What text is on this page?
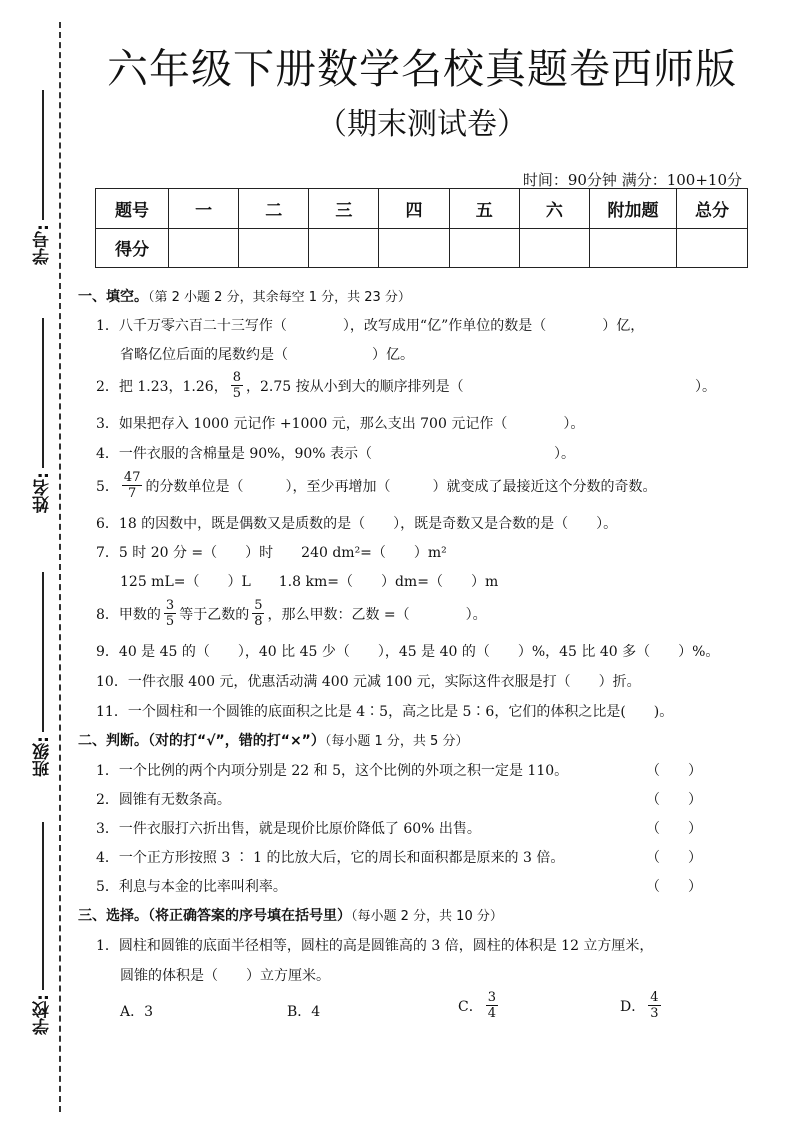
学号:
姓名:
班级:
学校:
六年级下册数学名校真题卷西师版
（期末测试卷）
时间：90分钟 满分：100+10分
题号	一	二	三	四	五	六	附加题	总分
得分								
一、填空。（第 2 小题 2 分，其余每空 1 分，共 23 分）
1．八千万零六百二十三写作（　　　　），改写成用“亿”作单位的数是（　　　　）亿，
省略亿位后面的尾数约是（　　　　　　）亿。
2．把 1.23，1.26， $\frac{8}{5}$ ，2.75 按从小到大的顺序排列是（	）。
3．如果把存入 1000 元记作 +1000 元，那么支出 700 元记作（　　　　）。
4．一件衣服的含棉量是 90%，90% 表示（　　　　　　　　　　　　　）。
5． $\frac{47}{7}$ 的分数单位是（　　　），至少再增加（　　　）就变成了最接近这个分数的奇数。
6．18 的因数中，既是偶数又是质数的是（　　），既是奇数又是合数的是（　　）。
7．5 时 20 分 =（　　）时　　240 dm²=（　　）m²
125 mL=（　　）L　　1.8 km=（　　）dm=（　　）m
8．甲数的 $\frac{3}{5}$ 等于乙数的 $\frac{5}{8}$ ，那么甲数：乙数 =（　　　　）。
9．40 是 45 的（　　），40 比 45 少（　　），45 是 40 的（　　）%，45 比 40 多（　　）%。
10．一件衣服 400 元，优惠活动满 400 元减 100 元，实际这件衣服是打（　　）折。
11．一个圆柱和一个圆锥的底面积之比是 4∶5，高之比是 5∶6，它们的体积之比是(　　)。
二、判断。（对的打“√”，错的打“×”）（每小题 1 分，共 5 分）
1．一个比例的两个内项分别是 22 和 5，这个比例的外项之积一定是 110。	（　　）
2．圆锥有无数条高。	（　　）
3．一件衣服打六折出售，就是现价比原价降低了 60% 出售。	（　　）
4．一个正方形按照 3 ∶ 1 的比放大后，它的周长和面积都是原来的 3 倍。	（　　）
5．利息与本金的比率叫利率。	（　　）
三、选择。（将正确答案的序号填在括号里）（每小题 2 分，共 10 分）
1．圆柱和圆锥的底面半径相等，圆柱的高是圆锥高的 3 倍，圆柱的体积是 12 立方厘米，
圆锥的体积是（　　）立方厘米。
A．3	B．4	C． $\frac{3}{4}$	D． $\frac{4}{3}$
